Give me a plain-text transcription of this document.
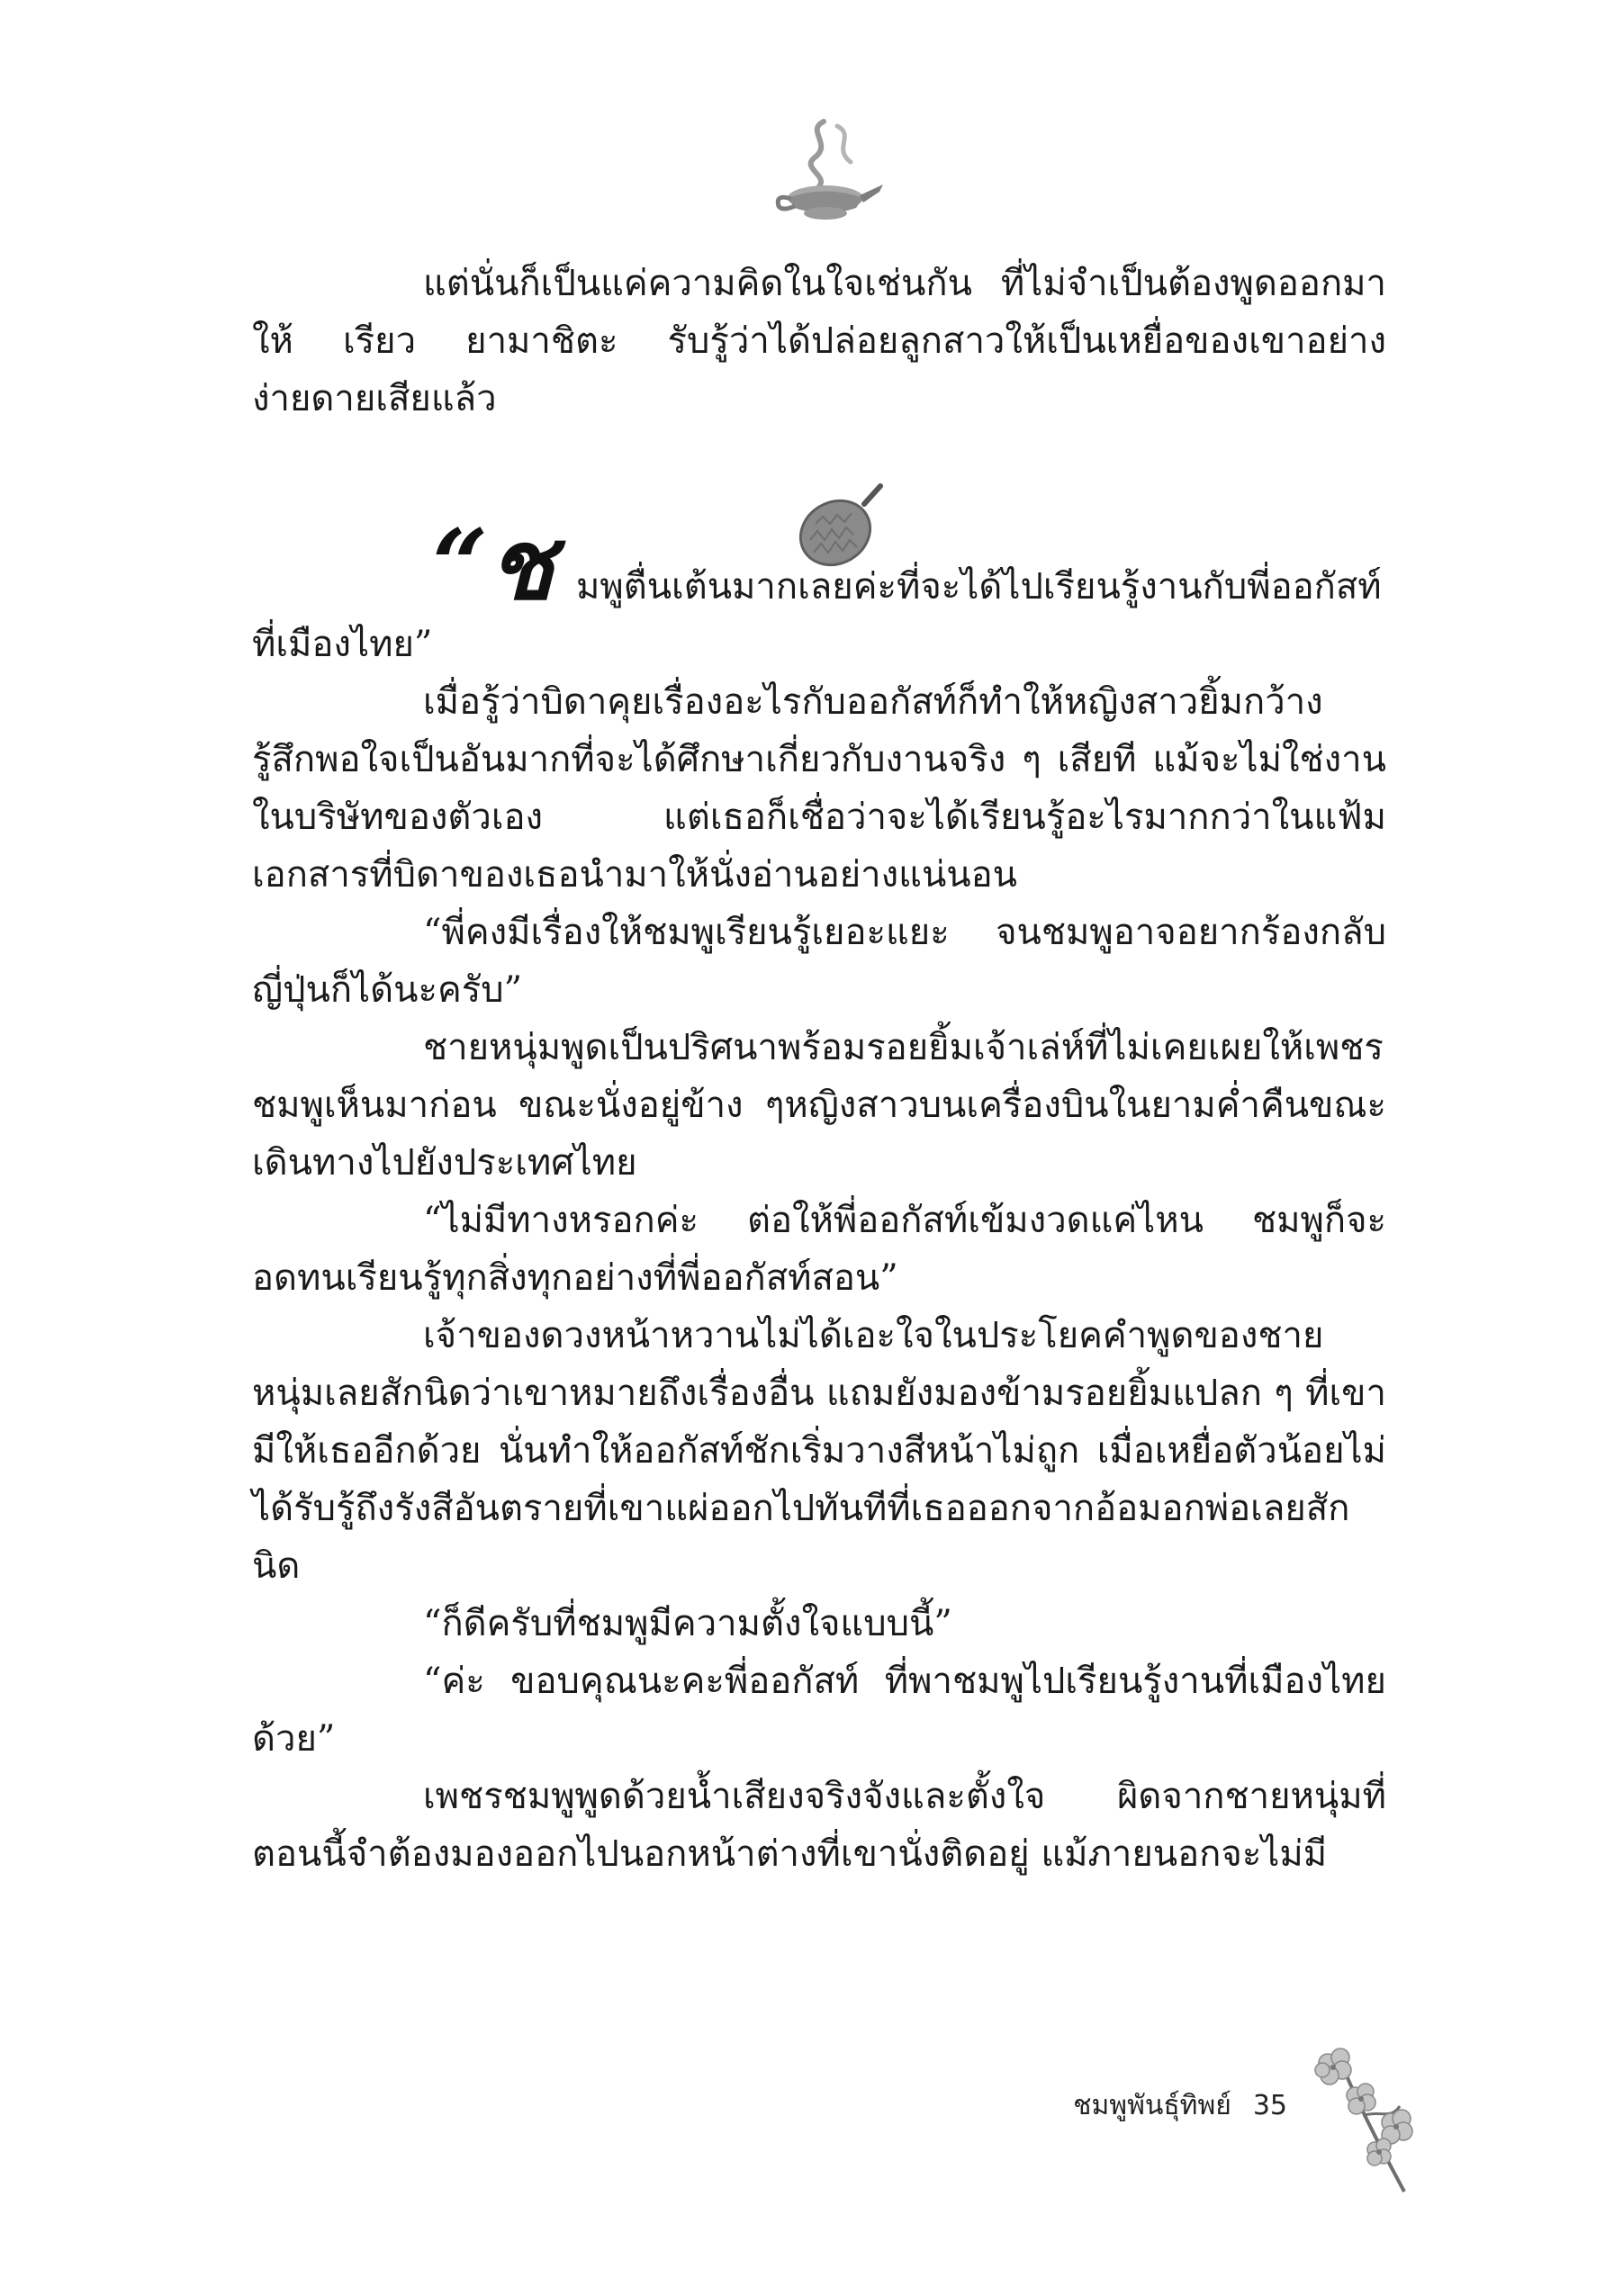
แต่นั่นก็เป็นแค่ความคิดในใจเช่นกัน ที่ไม่จำเป็นต้องพูดออกมา ให้ เรียว ยามาชิตะ รับรู้ว่าได้ปล่อยลูกสาวให้เป็นเหยื่อของเขาอย่างง่ายดายเสียแล้ว

“ช มพูตื่นเต้นมากเลยค่ะที่จะได้ไปเรียนรู้งานกับพี่ออกัสท์

ที่เมืองไทย”

เมื่อรู้ว่าบิดาคุยเรื่องอะไรกับออกัสท์ก็ทำให้หญิงสาวยิ้มกว้าง รู้สึกพอใจเป็นอันมากที่จะได้ศึกษาเกี่ยวกับงานจริง ๆ เสียที แม้จะไม่ใช่งานในบริษัทของตัวเอง แต่เธอก็เชื่อว่าจะได้เรียนรู้อะไรมากกว่าในแฟ้มเอกสารที่บิดาของเธอนำมาให้นั่งอ่านอย่างแน่นอน

“พี่คงมีเรื่องให้ชมพูเรียนรู้เยอะแยะ จนชมพูอาจอยากร้องกลับญี่ปุ่นก็ได้นะครับ”

ชายหนุ่มพูดเป็นปริศนาพร้อมรอยยิ้มเจ้าเล่ห์ที่ไม่เคยเผยให้เพชรชมพูเห็นมาก่อน ขณะนั่งอยู่ข้าง ๆหญิงสาวบนเครื่องบินในยามค่ำคืนขณะเดินทางไปยังประเทศไทย

“ไม่มีทางหรอกค่ะ ต่อให้พี่ออกัสท์เข้มงวดแค่ไหน ชมพูก็จะอดทนเรียนรู้ทุกสิ่งทุกอย่างที่พี่ออกัสท์สอน”

เจ้าของดวงหน้าหวานไม่ได้เอะใจในประโยคคำพูดของชายหนุ่มเลยสักนิดว่าเขาหมายถึงเรื่องอื่น แถมยังมองข้ามรอยยิ้มแปลก ๆ ที่เขามีให้เธออีกด้วย นั่นทำให้ออกัสท์ชักเริ่มวางสีหน้าไม่ถูก เมื่อเหยื่อตัวน้อยไม่ได้รับรู้ถึงรังสีอันตรายที่เขาแผ่ออกไปทันทีที่เธอออกจากอ้อมอกพ่อเลยสักนิด

“ก็ดีครับที่ชมพูมีความตั้งใจแบบนี้”

“ค่ะ ขอบคุณนะคะพี่ออกัสท์ ที่พาชมพูไปเรียนรู้งานที่เมืองไทยด้วย”

เพชรชมพูพูดด้วยน้ำเสียงจริงจังและตั้งใจ ผิดจากชายหนุ่มที่ตอนนี้จำต้องมองออกไปนอกหน้าต่างที่เขานั่งติดอยู่ แม้ภายนอกจะไม่มี

ชมพูพันธุ์ทิพย์ 35
